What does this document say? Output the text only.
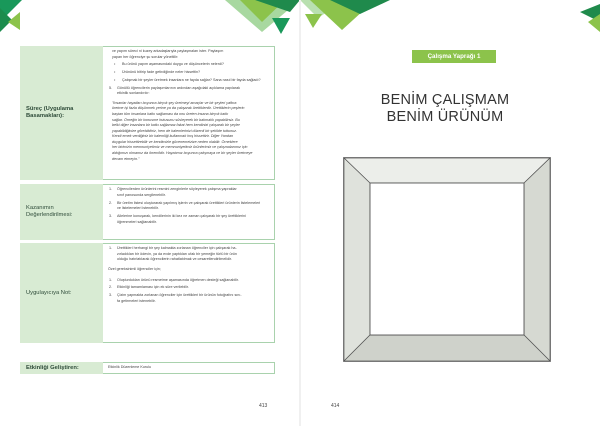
Süreç (Uygulama Basamakları):

ve yapım süreci ni kuzey arkadaşlarıyla paylaşmaları ister. Paylaşım
yapan her öğrenciye şu sorular yöneltilir:

• Bu ürünü yapım aşamasındaki duygu ve düşüncelerin nelerdi?
• Ürününü bitirip fade getirdiğinde neler hissettin?
• Çalışmak bir şeyler üretmek insanlara ne fayda sağlar? Sana nasıl bir fayda sağladı?
5. Gönüllü öğrencilerin paylaşımlarının ardından aşağıdaki açıklama yapılarak
etkinlik sonlandırılır:
"İnsanlar hayatları boyunca birçok şey üretmeyi amaçlar ve bir şeyleri yaftıra
üretme işi fazla düşünmek yerine ya da çalışarak ürettiklerdir. Ürettiklerin peşlerin
baştan tüm insanlara katkı sağlaması da onu üreten insana birçok katkı
sağlar. Örneğin bir konusme hutusunu süsleyerek bir bakmalık yapabilirsiz. Bu
belki diğer insanlara bir katkı sağlamaz fakat hem kendinizi çalışarak bir şeyler
yapabildiğinize görebildiniz, hem de kalemlerinizi düzenli bir şekilde tuttunuz.
Kendi emek verdiğiniz bir kalemliği kullanmak hoş hissettirir. Diğer Yandan
duygular hissettirebilir ve kendimizle güvenemeizize neden olabilir. Örneklere
her birimizin memnuniyetimiz ve memnuniyetimiz ürünlerimiz ve çalışmalarımız için
aldığımızı olmamız da önemlidir. Hayatımız boyunca çalışmaya ve bir şeyler üretmeye
devam etmeyin."
Kazanımın Değerlendirilmesi:
1. Öğrencilerden ürünlerini resmini zenginlerle söyleyerek çalışma yapraklar
sınıf panosunda sergilenebilir.
2. Bir üretim listesi oluşturarak yapılmış işlerin ve çalışarak ürettikleri ürünlerin listelemeleri
ve listelemeleri istenebilir.
3. Ailelerine konuşarak, kendilerinin iki kez ne zaman çalışarak bir şey ürettiklerini
öğrenmeleri sağlanabilir.
Uygulayıcıya Not:
1. Ürettikleri herhangi bir şey kalmakta zorlanan öğrenciler için çalışarak ha-
zırladıkları bir ödevin, ya da evde yaptıkları ufak bir yemeğin türlü bir ürün
olduğu hatırlatılarak öğrencilerin rahatlatılmak ve cesaretlendirilmelidir.

Özel gereksinimli öğrenciler için;

1. Oluşturdukları ürünü resmetme aşamasında öğretmen desteği sağlanabilir.
2. Etkinliği tamamlaması için ek süre verilebilir.
3. Çizim yapmakta zorlanan öğrenciler için ürettikleri bir ürünün fotoğrafını sını-
fa getirmeleri istenebilir.
Etkinliği Geliştiren:	Etkinlik Düzenleme Kurulu
Çalışma Yaprağı 1
BENİM ÇALIŞMAM
BENİM ÜRÜNÜM
413	414
